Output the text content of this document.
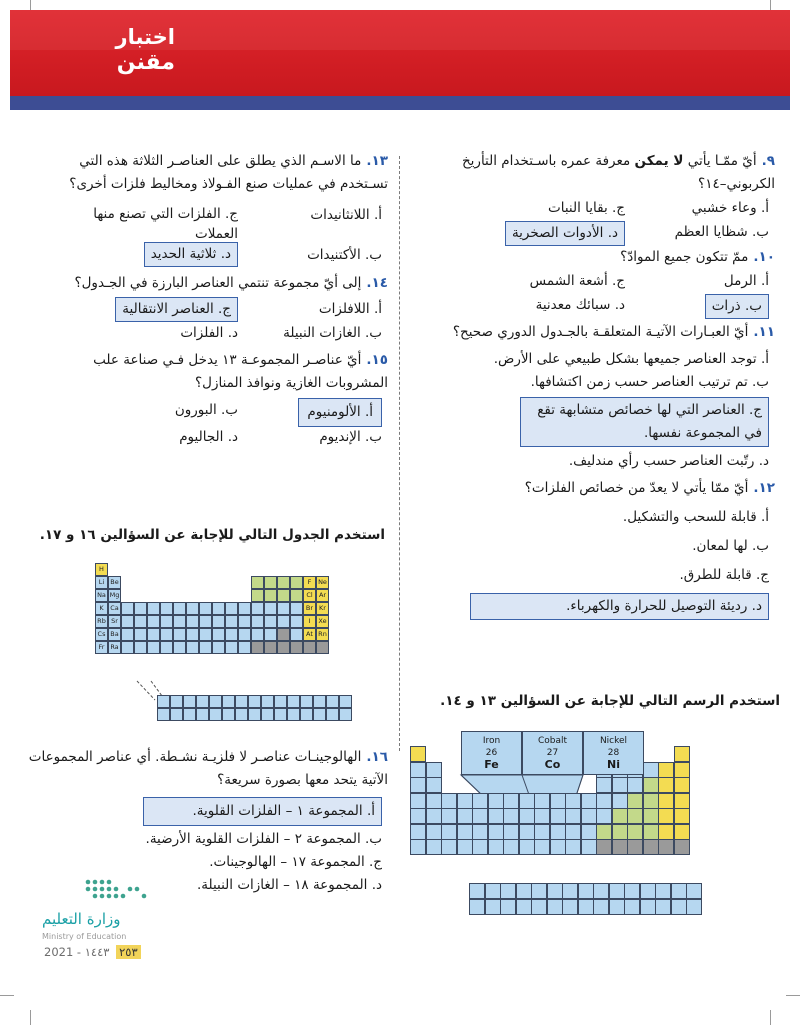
اختبار
مقنن
٩.أيّ ممّـا يأتي لا يمكن معرفة عمره باسـتخدام التأريخ الكربوني–١٤؟
أ. وعاء خشبي
ج. بقايا النبات
ب. شظايا العظم
د. الأدوات الصخرية
١٠.ممّ تتكون جميع الموادّ؟
أ. الرمل
ج. أشعة الشمس
ب. ذرات
د. سبائك معدنية
١١.أيّ العبـارات الآتيـة المتعلقـة بالجـدول الدوري صحيح؟
أ. توجد العناصر جميعها بشكل طبيعي على الأرض.
ب. تم ترتيب العناصر حسب زمن اكتشافها.
ج. العناصر التي لها خصائص متشابهة تقع في المجموعة نفسها.
د. رتّبت العناصر حسب رأي مندليف.
١٢.أيّ ممّا يأتي لا يعدّ من خصائص الفلزات؟
أ. قابلة للسحب والتشكيل.
ب. لها لمعان.
ج. قابلة للطرق.
د. رديئة التوصيل للحرارة والكهرباء.
استخدم الرسم التالي للإجابة عن السؤالين ١٣ و ١٤.
Iron
26
Fe
Cobalt
27
Co
Nickel
28
Ni
١٣.ما الاسـم الذي يطلق على العناصـر الثلاثة هذه التي تسـتخدم في عمليات صنع الفـولاذ ومخاليط فلزات أخرى؟
أ. اللانثانيدات
ج. الفلزات التي تصنع منها العملات
ب. الأكتنيدات
د. ثلاثية الحديد
١٤.إلى أيّ مجموعة تنتمي العناصر البارزة في الجـدول؟
أ. اللافلزات
ج. العناصر الانتقالية
ب. الغازات النبيلة
د. الفلزات
١٥.أيّ عناصـر المجموعـة ١٣ يدخل فـي صناعة علب المشروبات الغازية ونوافذ المنازل؟
أ. الألومنيوم
ب. البورون
ب. الإنديوم
د. الجاليوم
استخدم الجدول التالي للإجابة عن السؤالين ١٦ و ١٧.
H
Li Be	F	Ne
Na Mg	Cl Ar
K	Ca	Br Kr
Rb Sr	I	Xe
Cs Ba	At Rn
Fr Ra
١٦.الهالوجينـات عناصـر لا فلزيـة نشـطة. أي عناصر المجموعات الآتية يتحد معها بصورة سريعة؟
أ. المجموعة ١ – الفلزات القلوية.
ب. المجموعة ٢ – الفلزات القلوية الأرضية.
ج. المجموعة ١٧ – الهالوجينات.
د. المجموعة ١٨ – الغازات النبيلة.
وزارة التعليم
Ministry of Education
2021 - ١٤٤٣ ٢٥٣
